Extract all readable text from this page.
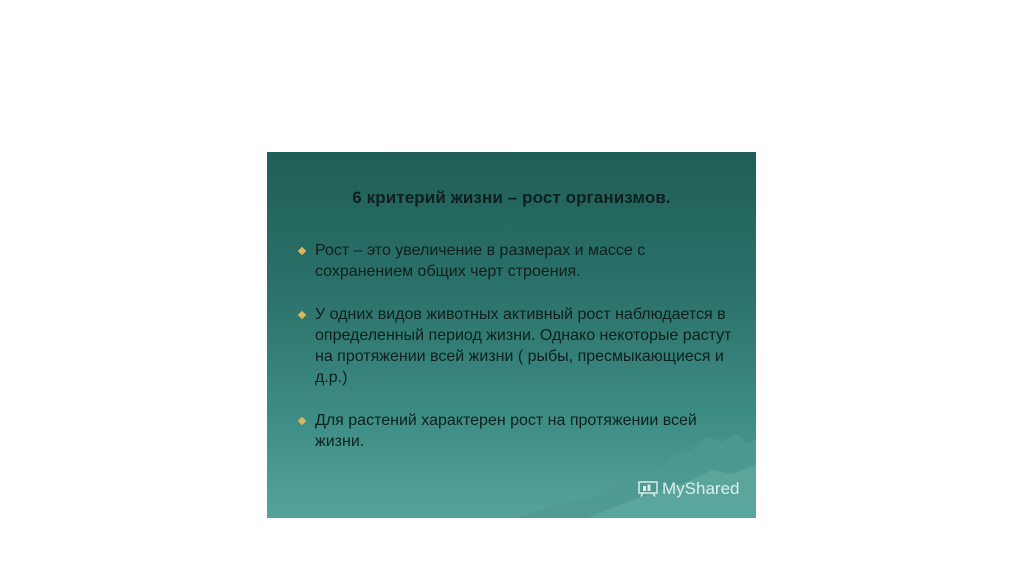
6 критерий жизни – рост организмов.
Рост – это увеличение в размерах и массе с сохранением общих черт строения.
У одних видов животных активный рост наблюдается в определенный период жизни. Однако некоторые растут на протяжении всей жизни ( рыбы, пресмыкающиеся и д.р.)
Для растений характерен рост на протяжении всей жизни.
MyShared
